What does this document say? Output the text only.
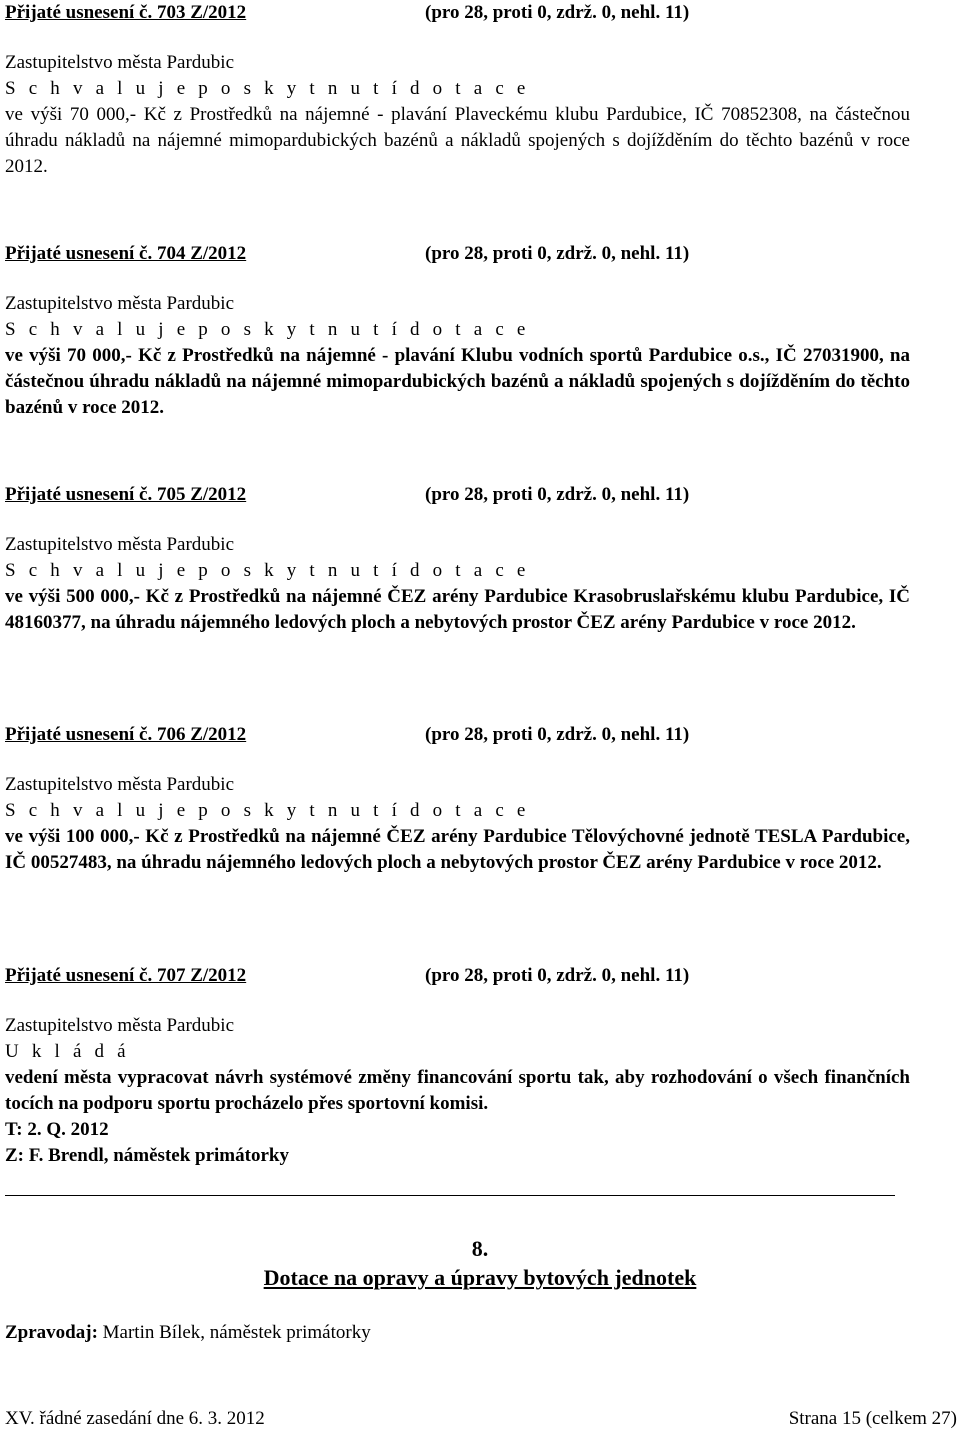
Přijaté usnesení č. 703 Z/2012	(pro 28, proti 0, zdrž. 0, nehl. 11)
Zastupitelstvo města Pardubic
S c h v a l u j e p o s k y t n u t í d o t a c e
ve výši 70 000,- Kč z Prostředků na nájemné - plavání Plaveckému klubu Pardubice, IČ 70852308, na částečnou úhradu nákladů na nájemné mimopardubických bazénů a nákladů spojených s dojížděním do těchto bazénů v roce 2012.
Přijaté usnesení č. 704 Z/2012	(pro 28, proti 0, zdrž. 0, nehl. 11)
Zastupitelstvo města Pardubic
S c h v a l u j e p o s k y t n u t í d o t a c e
ve výši 70 000,- Kč z Prostředků na nájemné - plavání Klubu vodních sportů Pardubice o.s., IČ 27031900, na částečnou úhradu nákladů na nájemné mimopardubických bazénů a nákladů spojených s dojížděním do těchto bazénů v roce 2012.
Přijaté usnesení č. 705 Z/2012	(pro 28, proti 0, zdrž. 0, nehl. 11)
Zastupitelstvo města Pardubic
S c h v a l u j e p o s k y t n u t í d o t a c e
ve výši 500 000,- Kč z Prostředků na nájemné ČEZ arény Pardubice Krasobruslařskému klubu Pardubice, IČ 48160377, na úhradu nájemného ledových ploch a nebytových prostor ČEZ arény Pardubice v roce 2012.
Přijaté usnesení č. 706 Z/2012	(pro 28, proti 0, zdrž. 0, nehl. 11)
Zastupitelstvo města Pardubic
S c h v a l u j e p o s k y t n u t í d o t a c e
ve výši 100 000,- Kč z Prostředků na nájemné ČEZ arény Pardubice Tělovýchovné jednotě TESLA Pardubice, IČ 00527483, na úhradu nájemného ledových ploch a nebytových prostor ČEZ arény Pardubice v roce 2012.
Přijaté usnesení č. 707 Z/2012	(pro 28, proti 0, zdrž. 0, nehl. 11)
Zastupitelstvo města Pardubic
U k l á d á
vedení města vypracovat návrh systémové změny financování sportu tak, aby rozhodování o všech finančních tocích na podporu sportu procházelo přes sportovní komisi.
T: 2. Q. 2012
Z: F. Brendl, náměstek primátorky
8.
Dotace na opravy a úpravy bytových jednotek
Zpravodaj: Martin Bílek, náměstek primátorky
XV. řádné zasedání dne 6. 3. 2012	Strana 15 (celkem 27)
